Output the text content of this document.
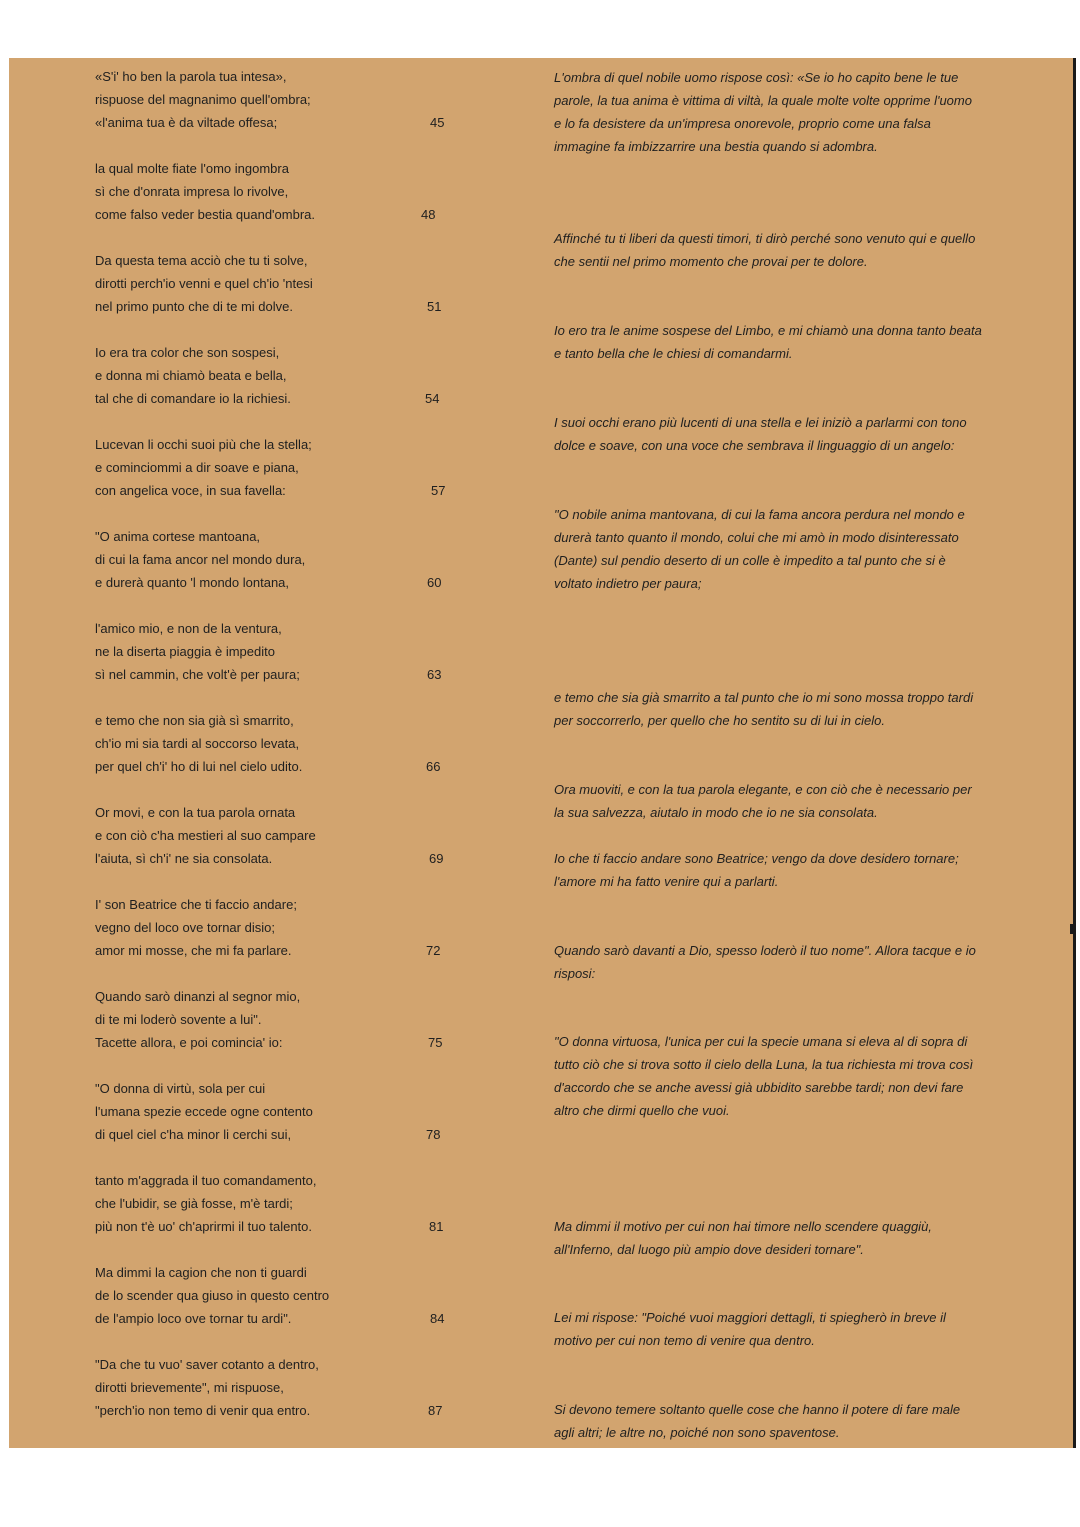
«S'i' ho ben la parola tua intesa»,
rispuose del magnanimo quell'ombra;
«l'anima tua è da viltade offesa;	45
la qual molte fiate l'omo ingombra
sì che d'onrata impresa lo rivolve,
come falso veder bestia quand'ombra.	48
Da questa tema acciò che tu ti solve,
dirotti perch'io venni e quel ch'io 'ntesi
nel primo punto che di te mi dolve.	51
Io era tra color che son sospesi,
e donna mi chiamò beata e bella,
tal che di comandare io la richiesi.	54
Lucevan li occhi suoi più che la stella;
e cominciommi a dir soave e piana,
con angelica voce, in sua favella:	57
"O anima cortese mantoana,
di cui la fama ancor nel mondo dura,
e durerà quanto 'l mondo lontana,	60
l'amico mio, e non de la ventura,
ne la diserta piaggia è impedito
sì nel cammin, che volt'è per paura;	63
e temo che non sia già sì smarrito,
ch'io mi sia tardi al soccorso levata,
per quel ch'i' ho di lui nel cielo udito.	66
Or movi, e con la tua parola ornata
e con ciò c'ha mestieri al suo campare
l'aiuta, sì ch'i' ne sia consolata.	69
I' son Beatrice che ti faccio andare;
vegno del loco ove tornar disio;
amor mi mosse, che mi fa parlare.	72
Quando sarò dinanzi al segnor mio,
di te mi loderò sovente a lui".
Tacette allora, e poi comincia' io:	75
"O donna di virtù, sola per cui
l'umana spezie eccede ogne contento
di quel ciel c'ha minor li cerchi sui,	78
tanto m'aggrada il tuo comandamento,
che l'ubidir, se già fosse, m'è tardi;
più non t'è uo' ch'aprirmi il tuo talento.	81
Ma dimmi la cagion che non ti guardi
de lo scender qua giuso in questo centro
de l'ampio loco ove tornar tu ardi".	84
"Da che tu vuo' saver cotanto a dentro,
dirotti brievemente", mi rispuose,
"perch'io non temo di venir qua entro.	87
L'ombra di quel nobile uomo rispose così: «Se io ho capito bene le tue parole, la tua anima è vittima di viltà, la quale molte volte opprime l'uomo e lo fa desistere da un'impresa onorevole, proprio come una falsa immagine fa imbizzarrire una bestia quando si adombra.
Affinché tu ti liberi da questi timori, ti dirò perché sono venuto qui e quello che sentii nel primo momento che provai per te dolore.
Io ero tra le anime sospese del Limbo, e mi chiamò una donna tanto beata e tanto bella che le chiesi di comandarmi.
I suoi occhi erano più lucenti di una stella e lei iniziò a parlarmi con tono dolce e soave, con una voce che sembrava il linguaggio di un angelo:
"O nobile anima mantovana, di cui la fama ancora perdura nel mondo e durerà tanto quanto il mondo, colui che mi amò in modo disinteressato (Dante) sul pendio deserto di un colle è impedito a tal punto che si è voltato indietro per paura;
e temo che sia già smarrito a tal punto che io mi sono mossa troppo tardi per soccorrerlo, per quello che ho sentito su di lui in cielo.
Ora muoviti, e con la tua parola elegante, e con ciò che è necessario per la sua salvezza, aiutalo in modo che io ne sia consolata.
Io che ti faccio andare sono Beatrice; vengo da dove desidero tornare; l'amore mi ha fatto venire qui a parlarti.
Quando sarò davanti a Dio, spesso loderò il tuo nome". Allora tacque e io risposi:
"O donna virtuosa, l'unica per cui la specie umana si eleva al di sopra di tutto ciò che si trova sotto il cielo della Luna, la tua richiesta mi trova così d'accordo che se anche avessi già ubbidito sarebbe tardi; non devi fare altro che dirmi quello che vuoi.
Ma dimmi il motivo per cui non hai timore nello scendere quaggiù, all'Inferno, dal luogo più ampio dove desideri tornare".
Lei mi rispose: "Poiché vuoi maggiori dettagli, ti spiegherò in breve il motivo per cui non temo di venire qua dentro.
Si devono temere soltanto quelle cose che hanno il potere di fare male agli altri; le altre no, poiché non sono spaventose.
